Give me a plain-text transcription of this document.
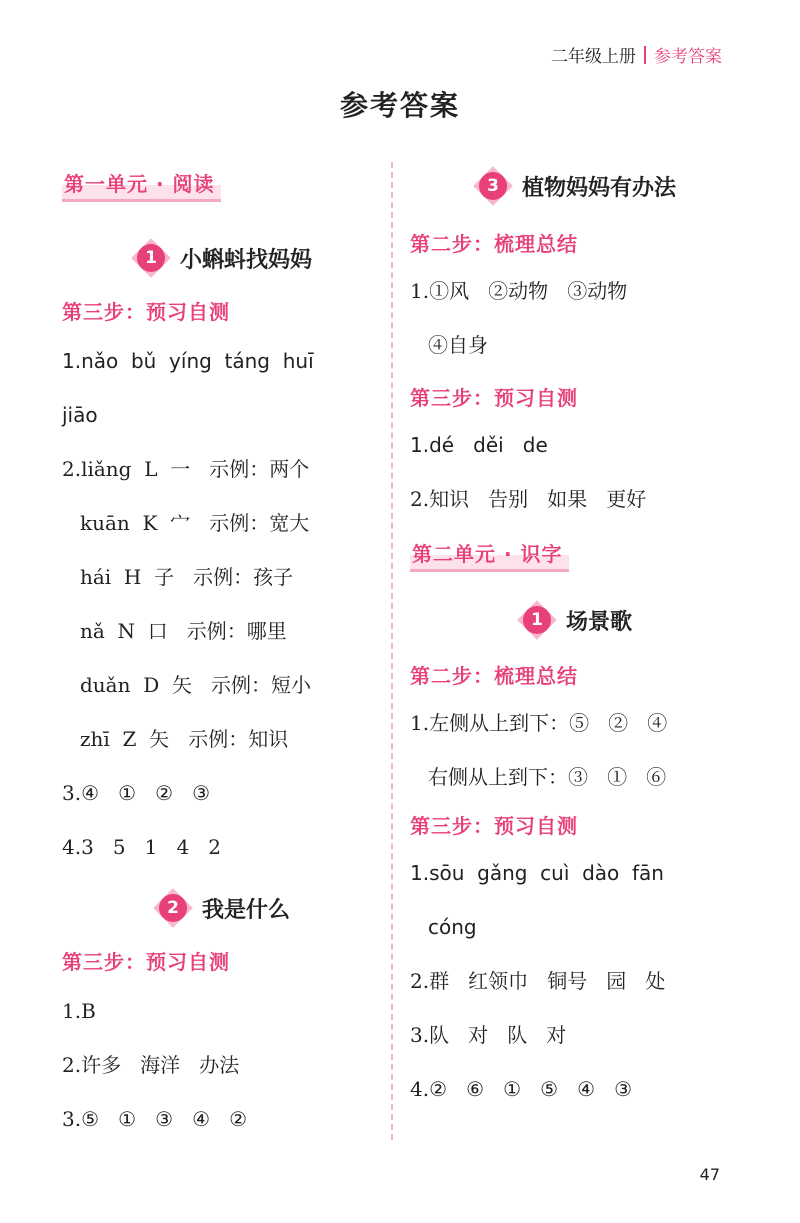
二年级上册 参考答案
参考答案
第一单元 · 阅读
1	小蝌蚪找妈妈
第三步：预习自测
1.nǎo  bǔ  yíng  táng  huī
jiāo
2.liǎng  L  一   示例：两个
kuān  K  宀   示例：宽大
hái  H  子   示例：孩子
nǎ  N  口   示例：哪里
duǎn  D  矢   示例：短小
zhī  Z  矢   示例：知识
3.④   ①   ②   ③
4.3   5   1   4   2
2	我是什么
第三步：预习自测
1.B
2.许多   海洋   办法
3.⑤   ①   ③   ④   ②
3	植物妈妈有办法
第二步：梳理总结
1.①风   ②动物   ③动物
④自身
第三步：预习自测
1.dé   děi   de
2.知识   告别   如果   更好
第二单元 · 识字
1	场景歌
第二步：梳理总结
1.左侧从上到下：⑤   ②   ④
右侧从上到下：③   ①   ⑥
第三步：预习自测
1.sōu  gǎng  cuì  dào  fān
cóng
2.群   红领巾   铜号   园   处
3.队   对   队   对
4.②   ⑥   ①   ⑤   ④   ③
47
